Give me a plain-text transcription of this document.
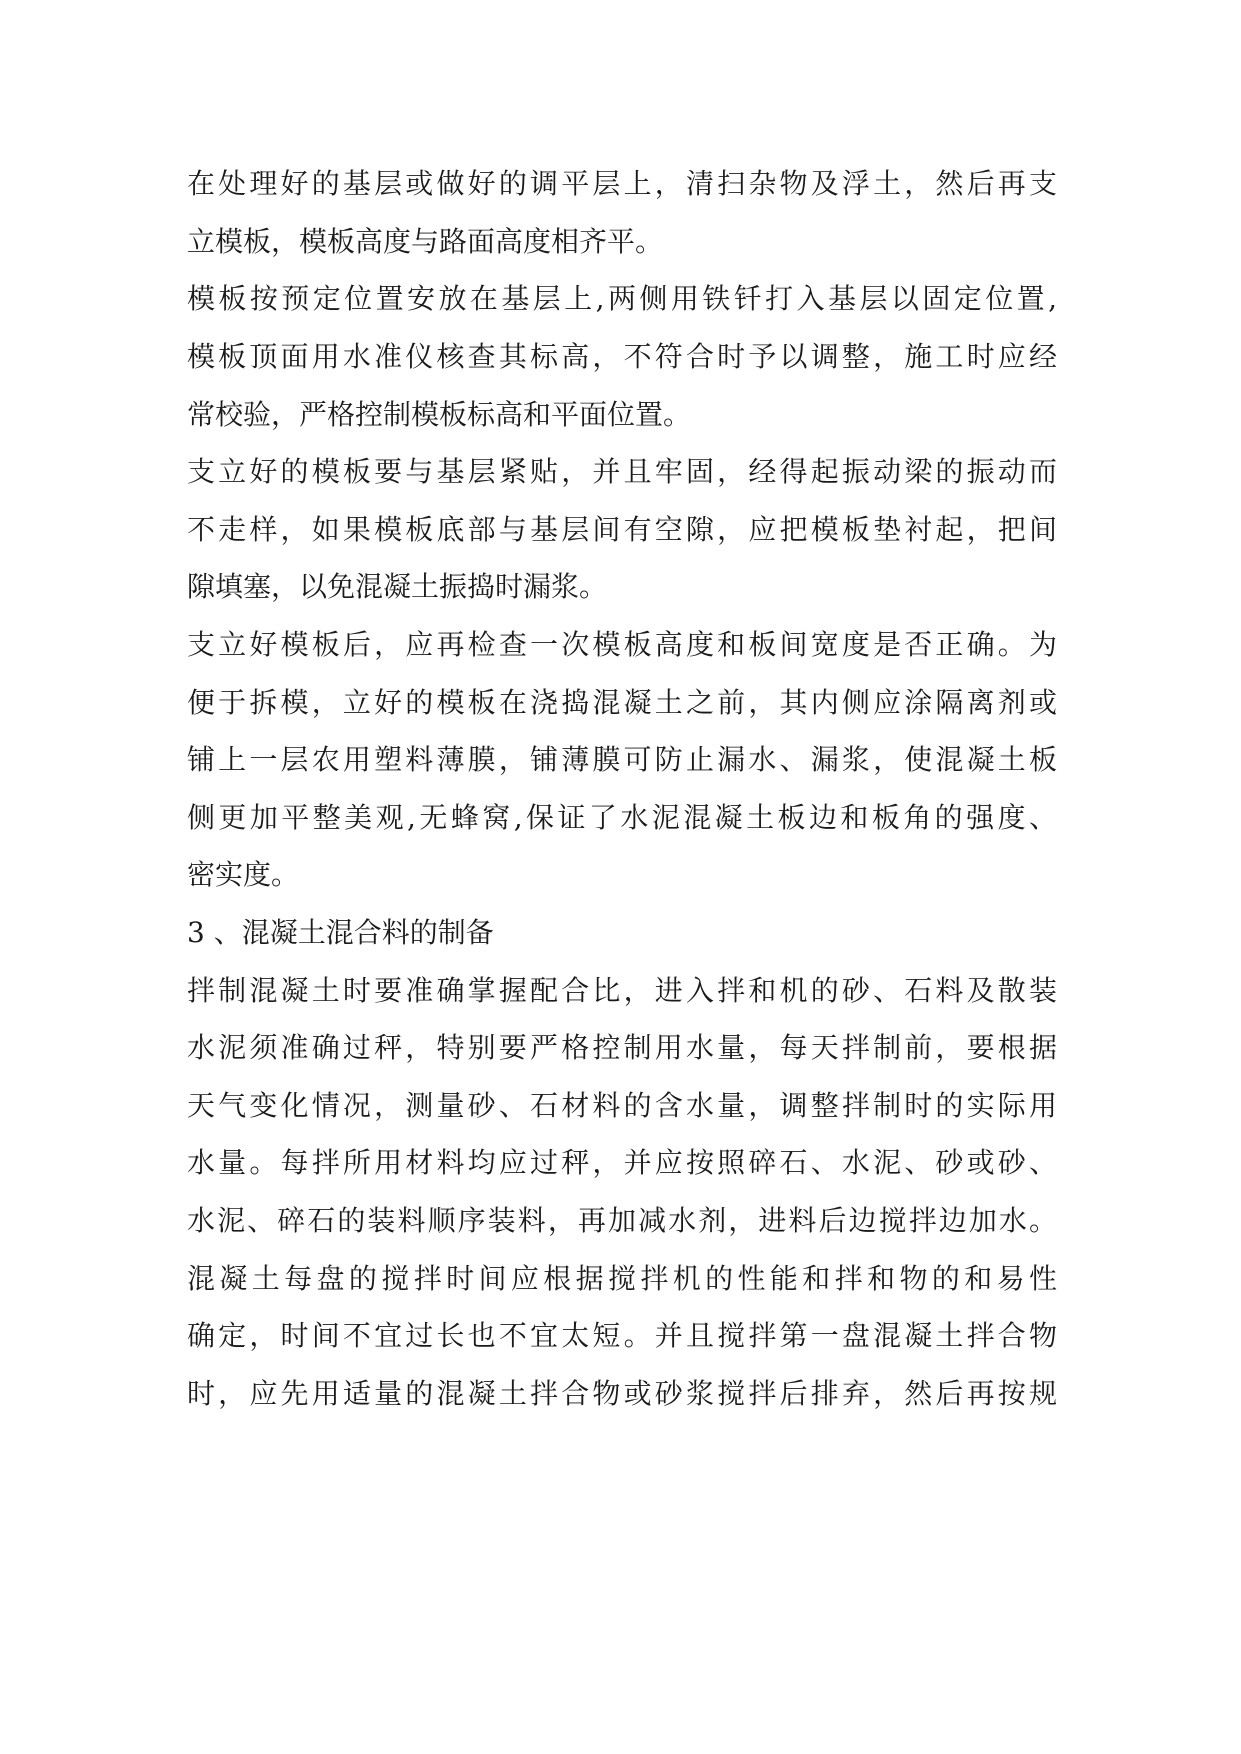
在处理好的基层或做好的调平层上，清扫杂物及浮土，然后再支
立模板，模板高度与路面高度相齐平。
模板按预定位置安放在基层上,两侧用铁钎打入基层以固定位置,
模板顶面用水准仪核查其标高，不符合时予以调整，施工时应经
常校验，严格控制模板标高和平面位置。
支立好的模板要与基层紧贴，并且牢固，经得起振动梁的振动而
不走样，如果模板底部与基层间有空隙，应把模板垫衬起，把间
隙填塞，以免混凝土振捣时漏浆。
支立好模板后，应再检查一次模板高度和板间宽度是否正确。为
便于拆模，立好的模板在浇捣混凝土之前，其内侧应涂隔离剂或
铺上一层农用塑料薄膜，铺薄膜可防止漏水、漏浆，使混凝土板
侧更加平整美观,无蜂窝,保证了水泥混凝土板边和板角的强度、
密实度。
3 、混凝土混合料的制备
拌制混凝土时要准确掌握配合比，进入拌和机的砂、石料及散装
水泥须准确过秤，特别要严格控制用水量，每天拌制前，要根据
天气变化情况，测量砂、石材料的含水量，调整拌制时的实际用
水量。每拌所用材料均应过秤，并应按照碎石、水泥、砂或砂、
水泥、碎石的装料顺序装料，再加减水剂，进料后边搅拌边加水。
混凝土每盘的搅拌时间应根据搅拌机的性能和拌和物的和易性
确定，时间不宜过长也不宜太短。并且搅拌第一盘混凝土拌合物
时，应先用适量的混凝土拌合物或砂浆搅拌后排弃，然后再按规
